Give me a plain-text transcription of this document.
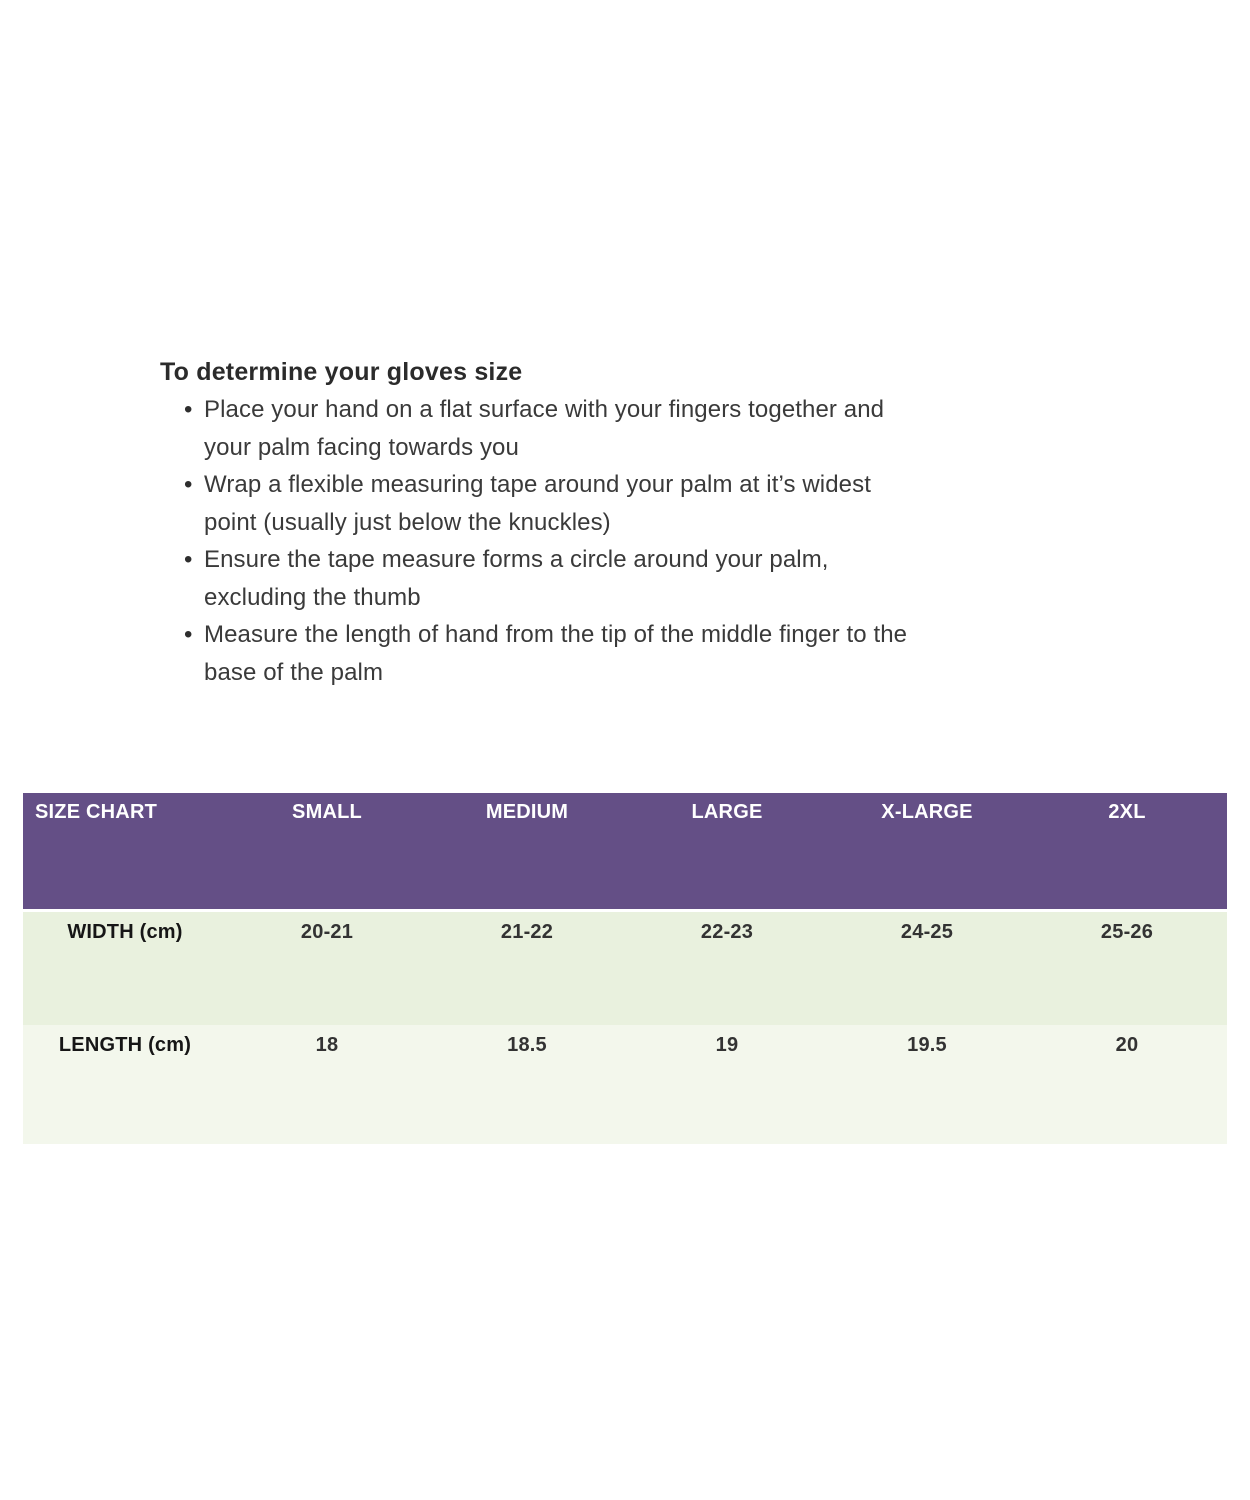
To determine your gloves size
• Place your hand on a flat surface with your fingers together and
your palm facing towards you
• Wrap a flexible measuring tape around your palm at it’s widest
point (usually just below the knuckles)
• Ensure the tape measure forms a circle around your palm,
excluding the thumb
• Measure the length of hand from the tip of the middle finger to the
base of the palm
SIZE CHART	SMALL	MEDIUM	LARGE	X-LARGE	2XL
WIDTH (cm)	20-21	21-22	22-23	24-25	25-26
LENGTH (cm)	18	18.5	19	19.5	20
